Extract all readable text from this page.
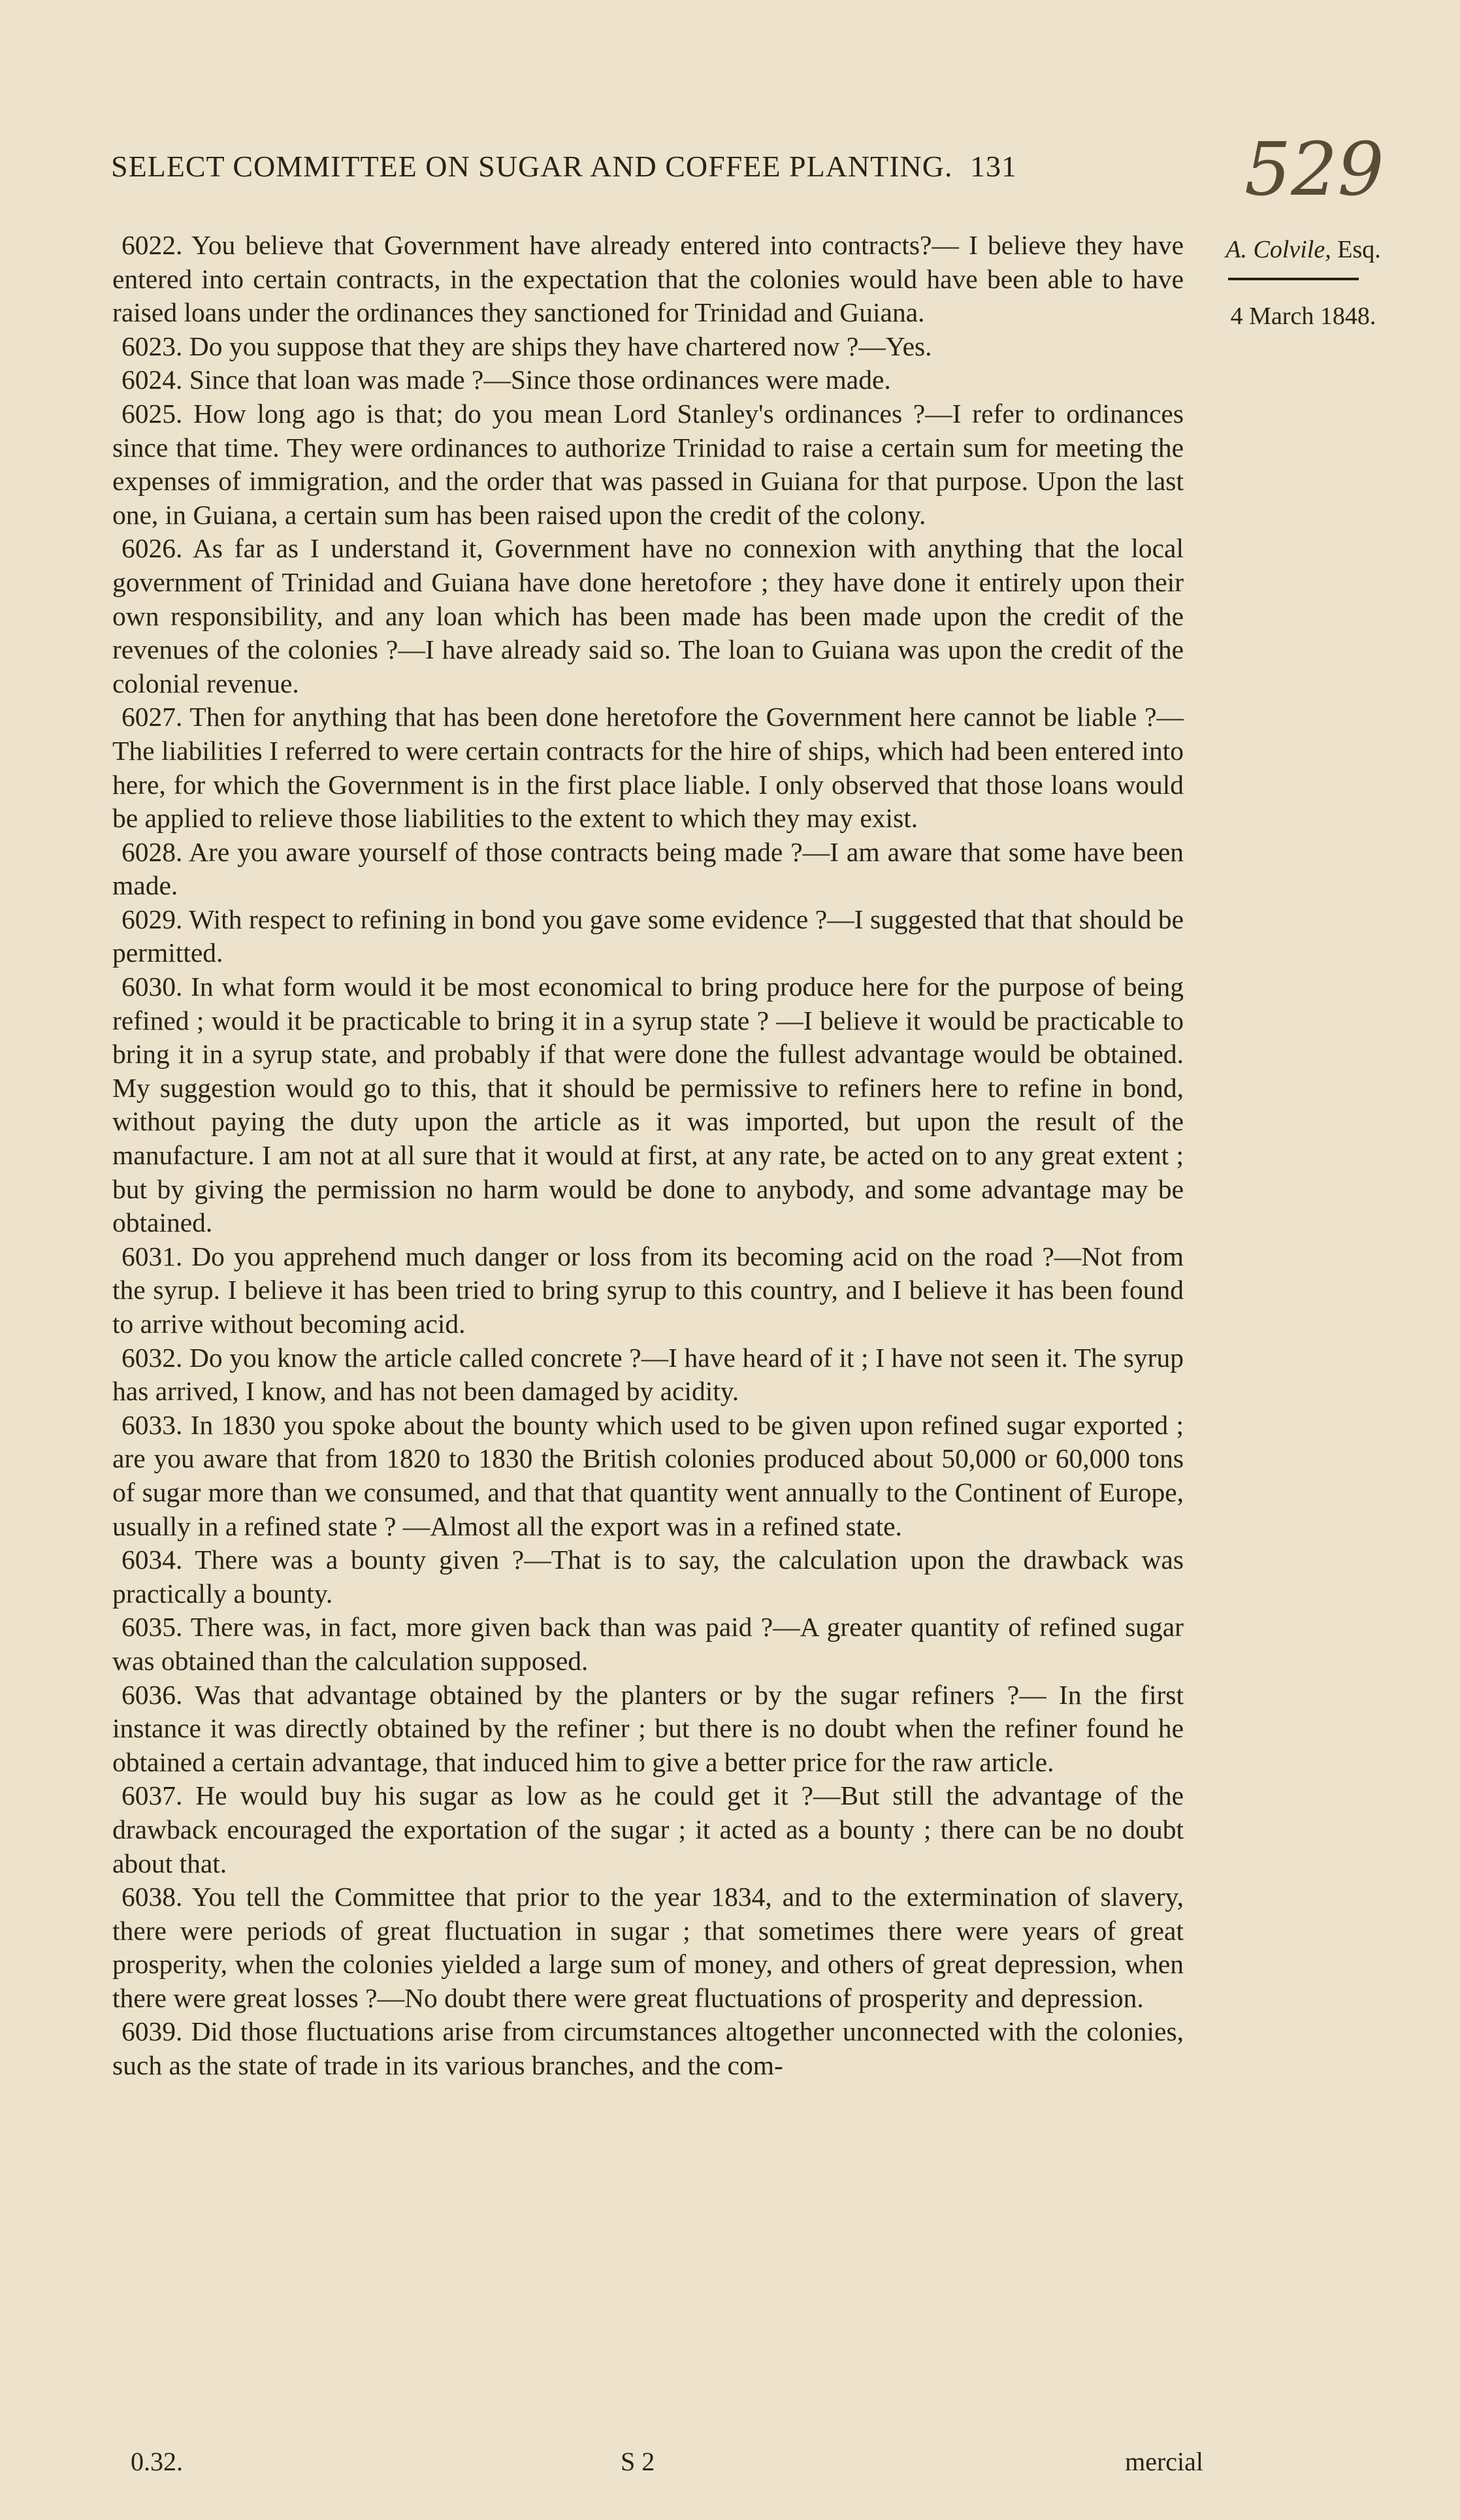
SELECT COMMITTEE ON SUGAR AND COFFEE PLANTING. 131	529
A. Colvile, Esq.
4 March 1848.

6022. You believe that Government have already entered into contracts?— I believe they have entered into certain contracts, in the expectation that the colonies would have been able to have raised loans under the ordinances they sanctioned for Trinidad and Guiana.

6023. Do you suppose that they are ships they have chartered now ?—Yes.

6024. Since that loan was made ?—Since those ordinances were made.

6025. How long ago is that; do you mean Lord Stanley's ordinances ?—I refer to ordinances since that time. They were ordinances to authorize Trinidad to raise a certain sum for meeting the expenses of immigration, and the order that was passed in Guiana for that purpose. Upon the last one, in Guiana, a certain sum has been raised upon the credit of the colony.

6026. As far as I understand it, Government have no connexion with anything that the local government of Trinidad and Guiana have done heretofore ; they have done it entirely upon their own responsibility, and any loan which has been made has been made upon the credit of the revenues of the colonies ?—I have already said so. The loan to Guiana was upon the credit of the colonial revenue.

6027. Then for anything that has been done heretofore the Government here cannot be liable ?—The liabilities I referred to were certain contracts for the hire of ships, which had been entered into here, for which the Government is in the first place liable. I only observed that those loans would be applied to relieve those liabilities to the extent to which they may exist.

6028. Are you aware yourself of those contracts being made ?—I am aware that some have been made.

6029. With respect to refining in bond you gave some evidence ?—I suggested that that should be permitted.

6030. In what form would it be most economical to bring produce here for the purpose of being refined ; would it be practicable to bring it in a syrup state ? —I believe it would be practicable to bring it in a syrup state, and probably if that were done the fullest advantage would be obtained. My suggestion would go to this, that it should be permissive to refiners here to refine in bond, without paying the duty upon the article as it was imported, but upon the result of the manufacture. I am not at all sure that it would at first, at any rate, be acted on to any great extent ; but by giving the permission no harm would be done to anybody, and some advantage may be obtained.

6031. Do you apprehend much danger or loss from its becoming acid on the road ?—Not from the syrup. I believe it has been tried to bring syrup to this country, and I believe it has been found to arrive without becoming acid.

6032. Do you know the article called concrete ?—I have heard of it ; I have not seen it. The syrup has arrived, I know, and has not been damaged by acidity.

6033. In 1830 you spoke about the bounty which used to be given upon refined sugar exported ; are you aware that from 1820 to 1830 the British colonies produced about 50,000 or 60,000 tons of sugar more than we consumed, and that that quantity went annually to the Continent of Europe, usually in a refined state ? —Almost all the export was in a refined state.

6034. There was a bounty given ?—That is to say, the calculation upon the drawback was practically a bounty.

6035. There was, in fact, more given back than was paid ?—A greater quantity of refined sugar was obtained than the calculation supposed.

6036. Was that advantage obtained by the planters or by the sugar refiners ?— In the first instance it was directly obtained by the refiner ; but there is no doubt when the refiner found he obtained a certain advantage, that induced him to give a better price for the raw article.

6037. He would buy his sugar as low as he could get it ?—But still the advantage of the drawback encouraged the exportation of the sugar ; it acted as a bounty ; there can be no doubt about that.

6038. You tell the Committee that prior to the year 1834, and to the extermination of slavery, there were periods of great fluctuation in sugar ; that sometimes there were years of great prosperity, when the colonies yielded a large sum of money, and others of great depression, when there were great losses ?—No doubt there were great fluctuations of prosperity and depression.

6039. Did those fluctuations arise from circumstances altogether unconnected with the colonies, such as the state of trade in its various branches, and the com-

0.32.	S 2	mercial
